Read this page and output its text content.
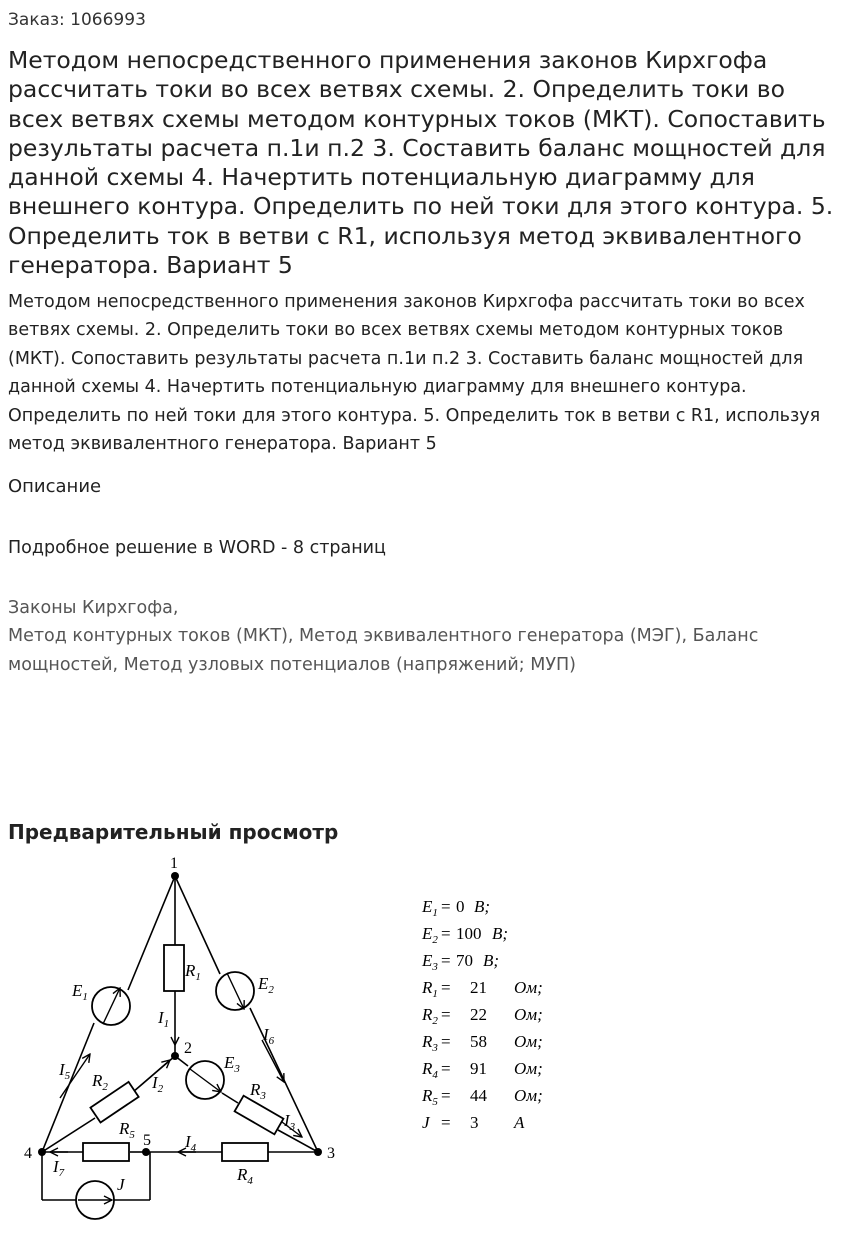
Заказ: 1066993
Методом непосредственного применения законов Кирхгофа рассчитать токи во всех ветвях схемы. 2. Определить токи во всех ветвях схемы методом контурных токов (МКТ). Сопоставить результаты расчета п.1и п.2 3. Составить баланс мощностей для данной схемы 4. Начертить потенциальную диаграмму для внешнего контура. Определить по ней токи для этого контура. 5. Определить ток в ветви с R1, используя метод эквивалентного генератора. Вариант 5
Методом непосредственного применения законов Кирхгофа рассчитать токи во всех ветвях схемы. 2. Определить токи во всех ветвях схемы методом контурных токов (МКТ). Сопоставить результаты расчета п.1и п.2 3. Составить баланс мощностей для данной схемы 4. Начертить потенциальную диаграмму для внешнего контура. Определить по ней токи для этого контура. 5. Определить ток в ветви с R1, используя метод эквивалентного генератора. Вариант 5
Описание
Подробное решение в WORD - 8 страниц
Законы Кирхгофа,
Метод контурных токов (МКТ), Метод эквивалентного генератора (МЭГ), Баланс мощностей, Метод узловых потенциалов (напряжений; МУП)
Предварительный просмотр
1
2
3
4
5
$E_1$
$E_2$
$E_3$
$R_1$
$R_2$	$R_3$
$R_4$
$R_5$
$I_1$
$I_2$
$I_3$
$I_4$
$I_5$
$I_6$
$I_7$
J
$E_1 = 0$ В;
$E_2 = 100$ В;
$E_3 = 70$ В;
$R_1 = 21$ Ом;
$R_2 = 22$ Ом;
$R_3 = 58$ Ом;
$R_4 = 91$ Ом;
$R_5 = 44$ Ом;
J = 3 А
